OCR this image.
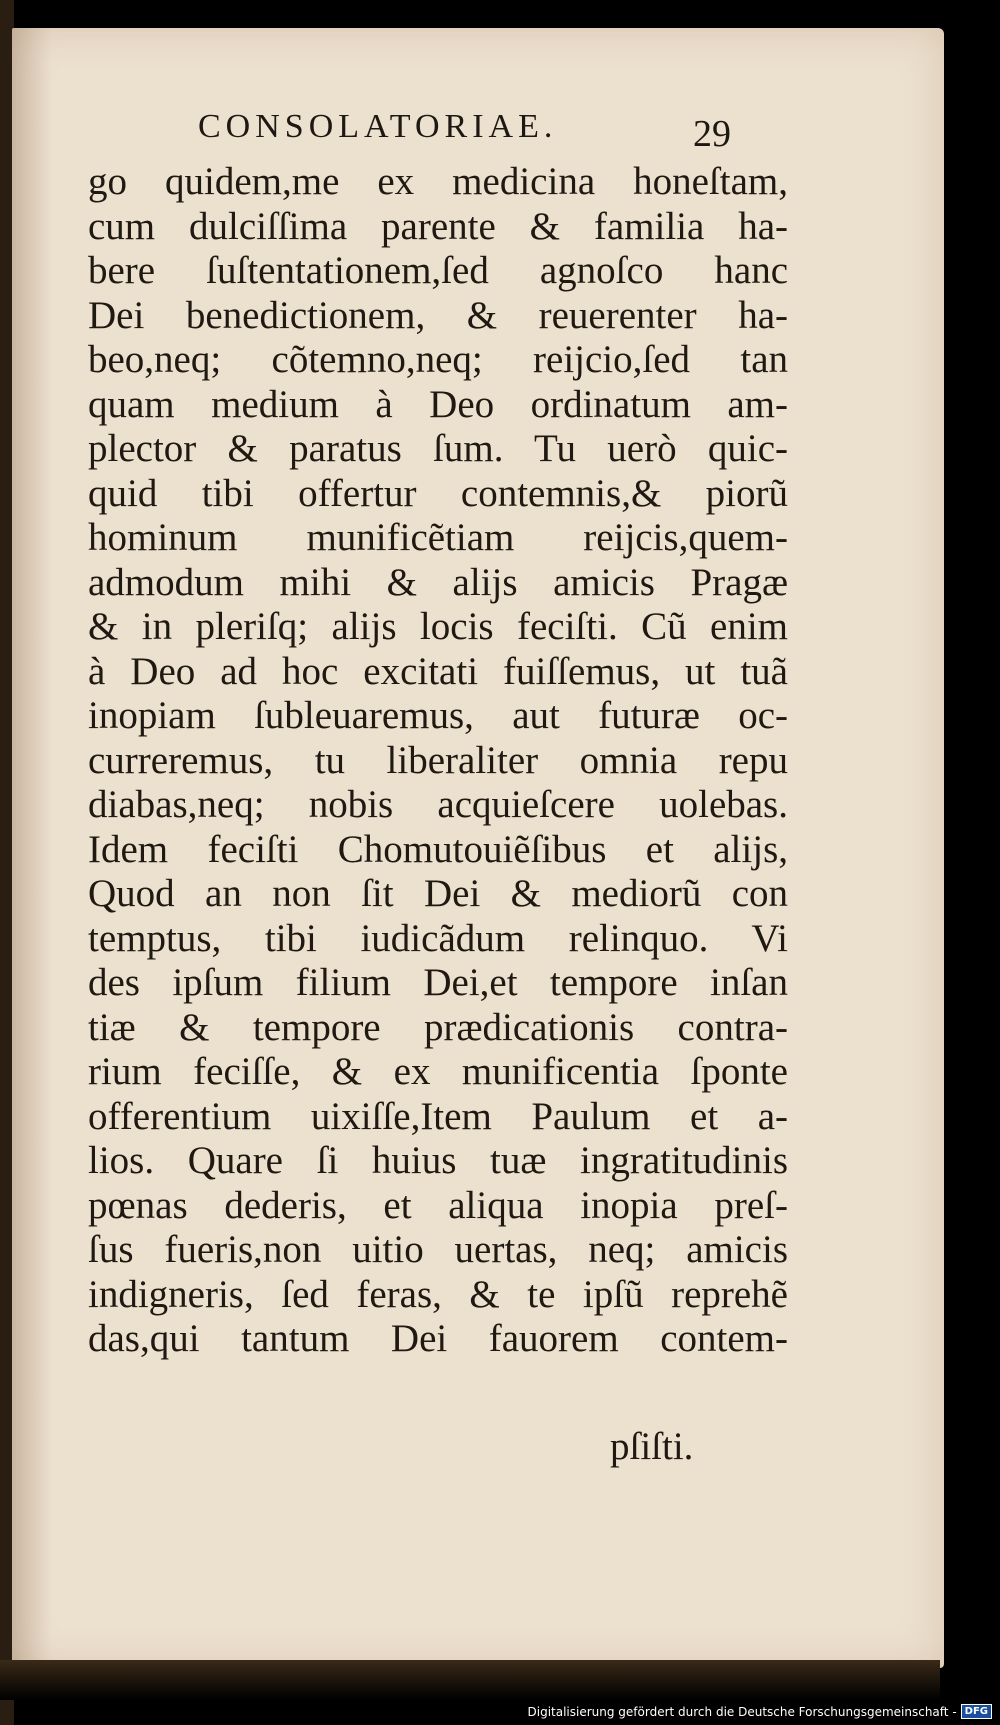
CONSOLATORIAE.	29
go quidem,me ex medicina honeſtam,
cum dulciſſima parente & familia ha-
bere ſuſtentationem,ſed agnoſco hanc
Dei benedictionem, & reuerenter ha-
beo,neq; cõtemno,neq; reijcio,ſed tan
quam medium à Deo ordinatum am-
plector & paratus ſum. Tu uerò quic-
quid tibi offertur contemnis,& piorũ
hominum munificẽtiam reijcis,quem-
admodum mihi & alijs amicis Pragæ
& in pleriſq; alijs locis feciſti. Cũ enim
à Deo ad hoc excitati fuiſſemus, ut tuã
inopiam ſubleuaremus, aut futuræ oc-
curreremus, tu liberaliter omnia repu
diabas,neq; nobis acquieſcere uolebas.
Idem feciſti Chomutouiẽſibus et alijs,
Quod an non ſit Dei & mediorũ con
temptus, tibi iudicãdum relinquo. Vi
des ipſum filium Dei,et tempore inſan
tiæ & tempore prædicationis contra-
rium feciſſe, & ex munificentia ſponte
offerentium uixiſſe,Item Paulum et a-
lios. Quare ſi huius tuæ ingratitudinis
pœnas dederis, et aliqua inopia preſ-
ſus fueris,non uitio uertas, neq; amicis
indigneris, ſed feras, & te ipſũ reprehẽ
das,qui tantum Dei fauorem contem-
pſiſti.
Digitalisierung gefördert durch die Deutsche Forschungsgemeinschaft - DFG
